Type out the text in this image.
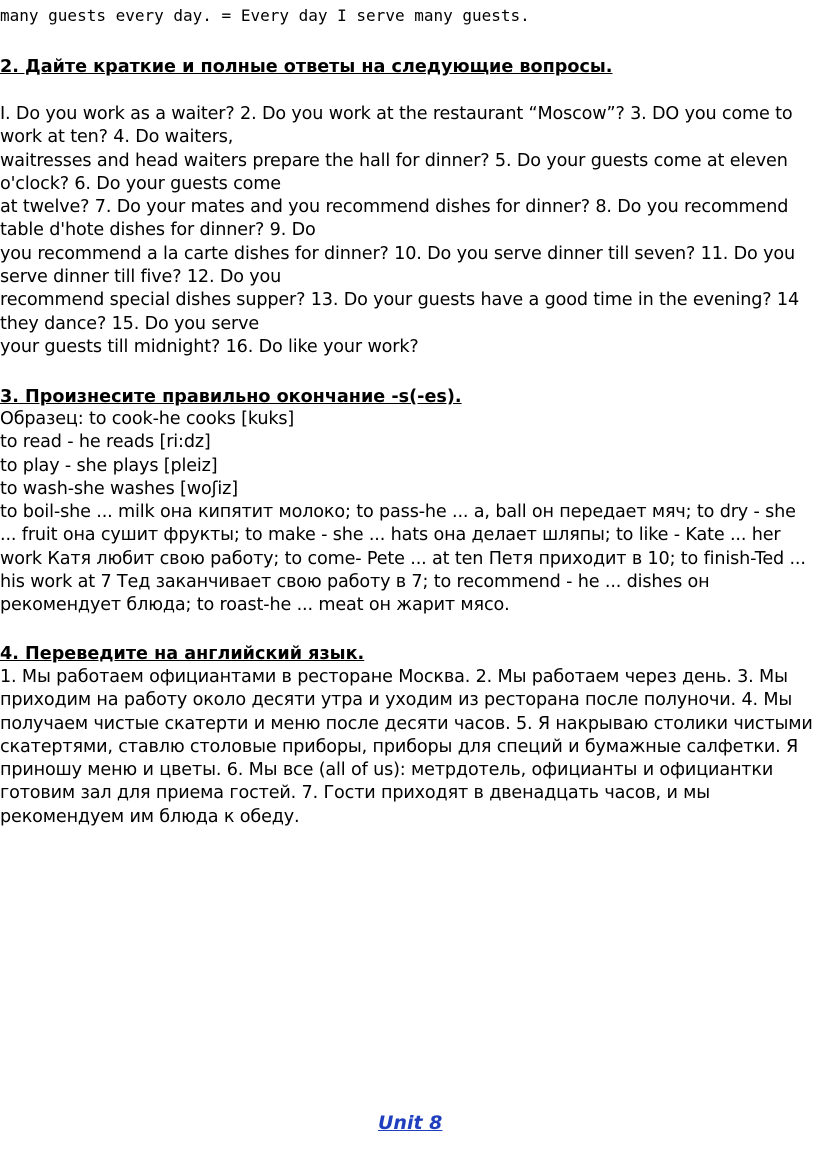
many guests every day. = Every day I serve many guests.
2. Дайте краткие и полные ответы на следующие вопросы.
I. Do you work as a waiter? 2. Do you work at the restaurant “Moscow”? 3. DO you come to
work at ten? 4. Do waiters,
waitresses and head waiters prepare the hall for dinner? 5. Do your guests come at eleven
o'clock? 6. Do your guests come
at twelve? 7. Do your mates and you recommend dishes for dinner? 8. Do you recommend
table d'hote dishes for dinner? 9. Do
you recommend a la carte dishes for dinner? 10. Do you serve dinner till seven? 11. Do you
serve dinner till five? 12. Do you
recommend special dishes supper? 13. Do your guests have a good time in the evening? 14
they dance? 15. Do you serve
your guests till midnight? 16. Do like your work?
3. Произнесите правильно окончание -s(-es).
Образец: to cook-he cooks [kuks]
to read - he reads [ri:dz]
to play - she plays [pleiz]
to wash-she washes [woʃiz]
to boil-she ... milk она кипятит молоко; to pass-he ... a, ball он передает мяч; to dry - she
... fruit она сушит фрукты; to make - she ... hats она делает шляпы; to like - Kate ... her
work Катя любит свою работу; to come- Pete ... at ten Петя приходит в 10; to finish-Ted ...
his work at 7 Тед заканчивает свою работу в 7; to recommend - he ... dishes он
рекомендует блюда; to roast-he ... meat он жарит мясо.
4. Переведите на английский язык.
1. Мы работаем официантами в ресторане Москва. 2. Мы работаем через день. 3. Мы
приходим на работу около десяти утра и уходим из ресторана после полуночи. 4. Мы
получаем чистые скатерти и меню после десяти часов. 5. Я накрываю столики чистыми
скатертями, ставлю столовые приборы, приборы для специй и бумажные салфетки. Я
приношу меню и цветы. 6. Мы все (all of us): метрдотель, официанты и официантки
готовим зал для приема гостей. 7. Гости приходят в двенадцать часов, и мы
рекомендуем им блюда к обеду.
Unit 8
